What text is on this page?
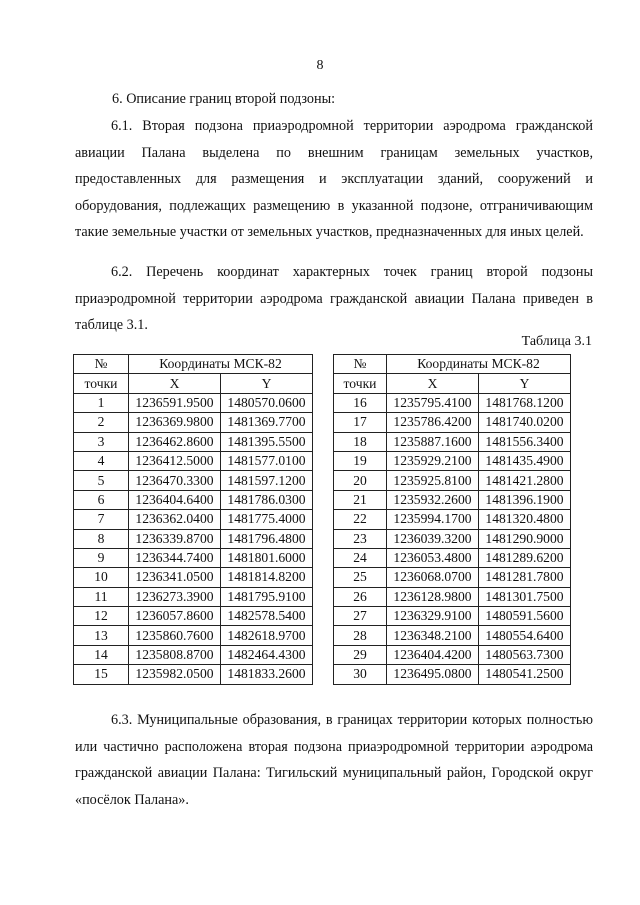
8
6. Описание границ второй подзоны:
6.1. Вторая подзона приаэродромной территории аэродрома гражданской авиации Палана выделена по внешним границам земельных участков, предоставленных для размещения и эксплуатации зданий, сооружений и оборудования, подлежащих размещению в указанной подзоне, отграничивающим такие земельные участки от земельных участков, предназначенных для иных целей.
6.2. Перечень координат характерных точек границ второй подзоны приаэродромной территории аэродрома гражданской авиации Палана приведен в таблице 3.1.
Таблица 3.1
№	Координаты МСК-82	
точки	X	Y
1	1236591.9500	1480570.0600
2	1236369.9800	1481369.7700
3	1236462.8600	1481395.5500
4	1236412.5000	1481577.0100
5	1236470.3300	1481597.1200
6	1236404.6400	1481786.0300
7	1236362.0400	1481775.4000
8	1236339.8700	1481796.4800
9	1236344.7400	1481801.6000
10	1236341.0500	1481814.8200
11	1236273.3900	1481795.9100
12	1236057.8600	1482578.5400
13	1235860.7600	1482618.9700
14	1235808.8700	1482464.4300
15	1235982.0500	1481833.2600
№	Координаты МСК-82	
точки	X	Y
16	1235795.4100	1481768.1200
17	1235786.4200	1481740.0200
18	1235887.1600	1481556.3400
19	1235929.2100	1481435.4900
20	1235925.8100	1481421.2800
21	1235932.2600	1481396.1900
22	1235994.1700	1481320.4800
23	1236039.3200	1481290.9000
24	1236053.4800	1481289.6200
25	1236068.0700	1481281.7800
26	1236128.9800	1481301.7500
27	1236329.9100	1480591.5600
28	1236348.2100	1480554.6400
29	1236404.4200	1480563.7300
30	1236495.0800	1480541.2500
6.3. Муниципальные образования, в границах территории которых полностью или частично расположена вторая подзона приаэродромной территории аэродрома гражданской авиации Палана: Тигильский муниципальный район, Городской округ «посёлок Палана».
